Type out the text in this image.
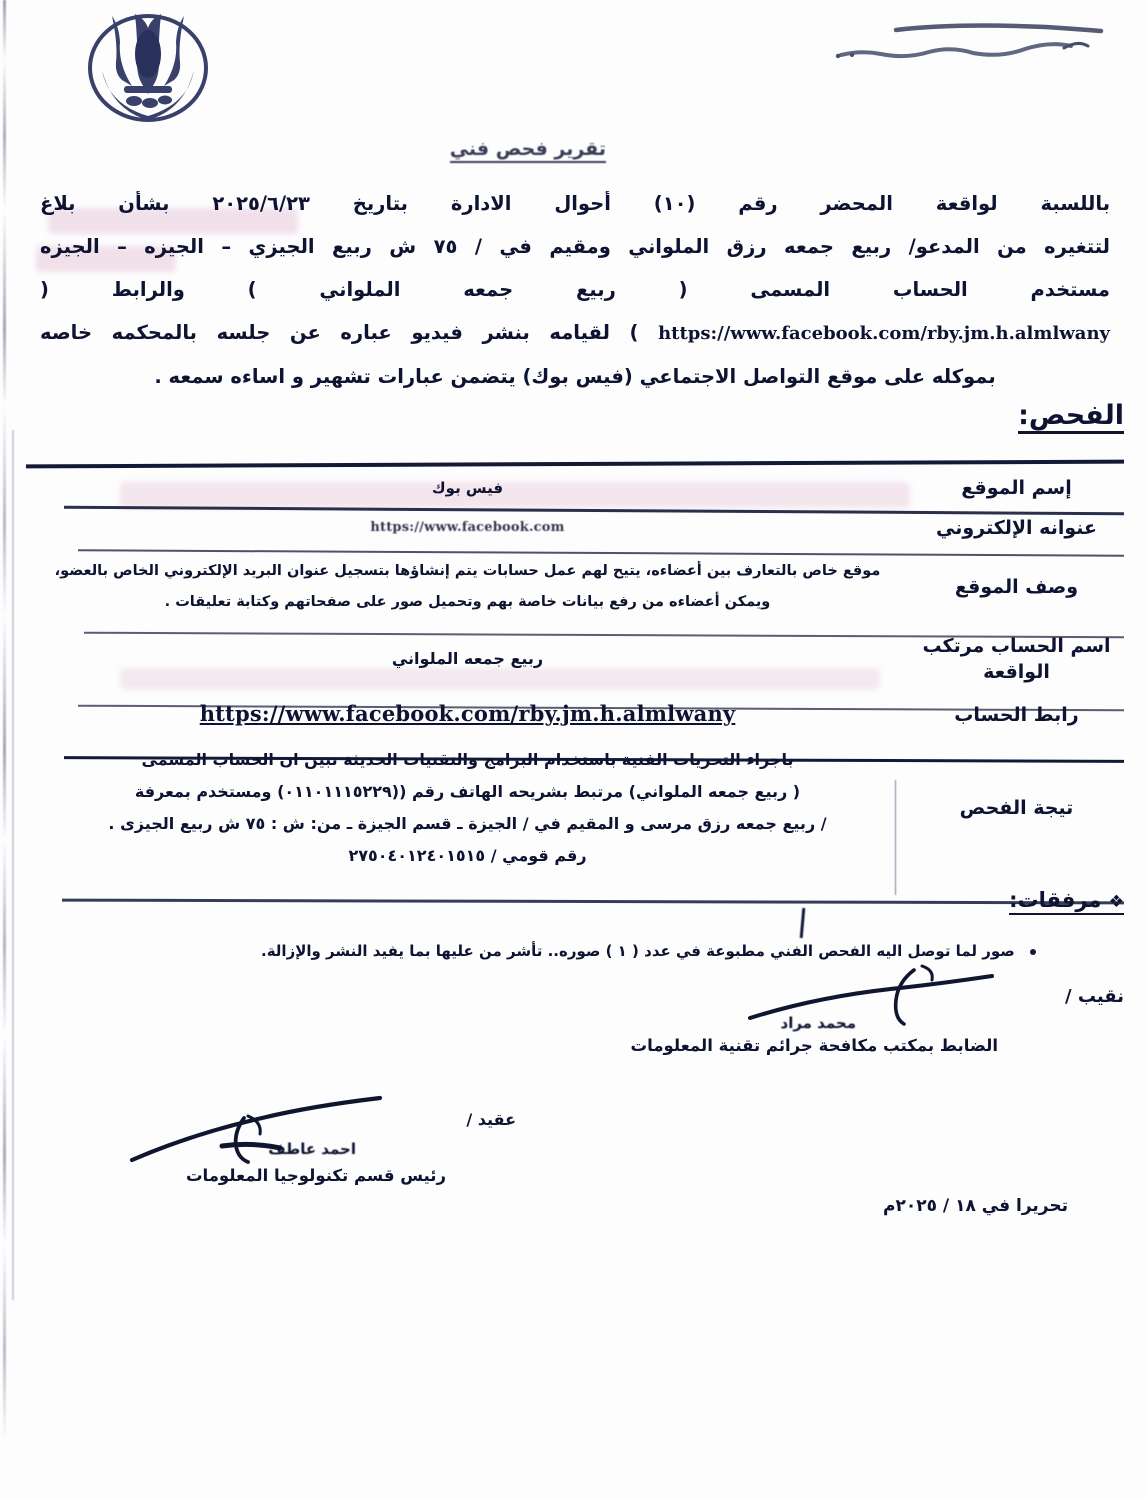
تقرير فحص فني
باللسبة لواقعة المحضر رقم (١٠) أحوال الادارة بتاريخ ٢٠٢٥/٦/٢٣ بشأن بلاغ
لتتغيره من المدعو/ ربيع جمعه رزق الملواني ومقيم في / ٧٥ ش ربيع الجيزي – الجيزه – الجيزه
مستخدم الحساب المسمى ( ربيع جمعه الملواني ) والرابط (
https://www.facebook.com/rby.jm.h.almlwany ) لقيامه بنشر فيديو عباره عن جلسه بالمحكمه خاصه
بموكله على موقع التواصل الاجتماعي (فيس بوك) يتضمن عبارات تشهير و اساءه سمعه .
الفحص:
إسم الموقع
فيس بوك
عنوانه الإلكتروني
https://www.facebook.com
وصف الموقع
موقع خاص بالتعارف بين أعضاءه، يتيح لهم عمل حسابات يتم إنشاؤها بتسجيل عنوان البريد الإلكتروني الخاص بالعضو، ويمكن أعضاءه من رفع بيانات خاصة بهم وتحميل صور على صفحاتهم وكتابة تعليقات .
اسم الحساب مرتكب الواقعة
ربيع جمعه الملواني
رابط الحساب
https://www.facebook.com/rby.jm.h.almlwany
تيجة الفحص
باجراء التحريات الفنية باستخدام البرامج والتقنيات الحديثة تبين ان الحساب المسمى
( ربيع جمعه الملواني) مرتبط بشريحه الهاتف رقم ((٠١١٠١١١٥٢٢٩) ومستخدم بمعرفة
/ ربيع جمعه رزق مرسى و المقيم في / الجيزة ـ قسم الجيزة ـ من: ش : ٧٥ ش ربيع الجيزى .
رقم قومي / ٢٧٥٠٤٠١٢٤٠١٥١٥
❖ مرفقات:
صور لما توصل اليه الفحص الفني مطبوعة في عدد ( ١ ) صوره.. تأشر من عليها بما يفيد النشر والإزالة.
نقيب /
محمد مراد
الضابط بمكتب مكافحة جرائم تقنية المعلومات
عقيد /
احمد عاطف
رئيس قسم تكنولوجيا المعلومات
تحريرا في ١٨ / ٢٠٢٥م
